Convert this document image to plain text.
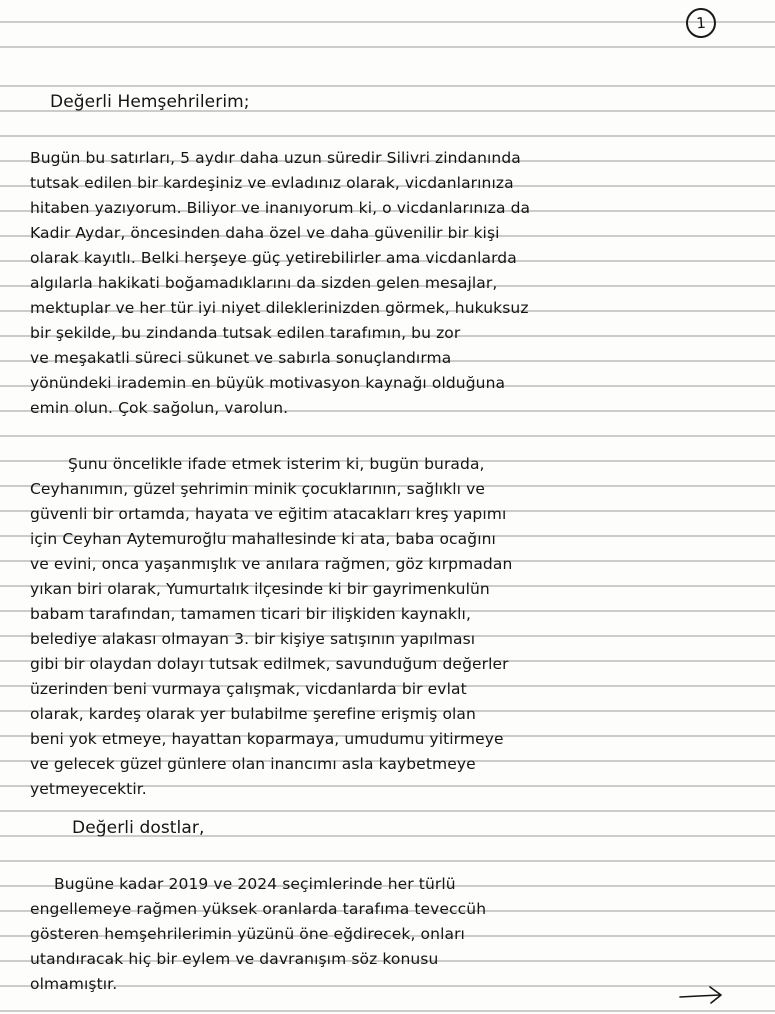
1
Değerli Hemşehrilerim;
Bugün bu satırları, 5 aydır daha uzun süredir Silivri zindanında
tutsak edilen bir kardeşiniz ve evladınız olarak, vicdanlarınıza
hitaben yazıyorum. Biliyor ve inanıyorum ki, o vicdanlarınıza da
Kadir Aydar, öncesinden daha özel ve daha güvenilir bir kişi
olarak kayıtlı. Belki herşeye güç yetirebilirler ama vicdanlarda
algılarla hakikati boğamadıklarını da sizden gelen mesajlar,
mektuplar ve her tür iyi niyet dileklerinizden görmek, hukuksuz
bir şekilde, bu zindanda tutsak edilen tarafımın, bu zor
ve meşakatli süreci sükunet ve sabırla sonuçlandırma
yönündeki irademin en büyük motivasyon kaynağı olduğuna
emin olun. Çok sağolun, varolun.
Şunu öncelikle ifade etmek isterim ki, bugün burada,
Ceyhanımın, güzel şehrimin minik çocuklarının, sağlıklı ve
güvenli bir ortamda, hayata ve eğitim atacakları kreş yapımı
için Ceyhan Aytemuroğlu mahallesinde ki ata, baba ocağını
ve evini, onca yaşanmışlık ve anılara rağmen, göz kırpmadan
yıkan biri olarak, Yumurtalık ilçesinde ki bir gayrimenkulün
babam tarafından, tamamen ticari bir ilişkiden kaynaklı,
belediye alakası olmayan 3. bir kişiye satışının yapılması
gibi bir olaydan dolayı tutsak edilmek, savunduğum değerler
üzerinden beni vurmaya çalışmak, vicdanlarda bir evlat
olarak, kardeş olarak yer bulabilme şerefine erişmiş olan
beni yok etmeye, hayattan koparmaya, umudumu yitirmeye
ve gelecek güzel günlere olan inancımı asla kaybetmeye
yetmeyecektir.
Değerli dostlar,
Bugüne kadar 2019 ve 2024 seçimlerinde her türlü
engellemeye rağmen yüksek oranlarda tarafıma teveccüh
gösteren hemşehrilerimin yüzünü öne eğdirecek, onları
utandıracak hiç bir eylem ve davranışım söz konusu
olmamıştır.
